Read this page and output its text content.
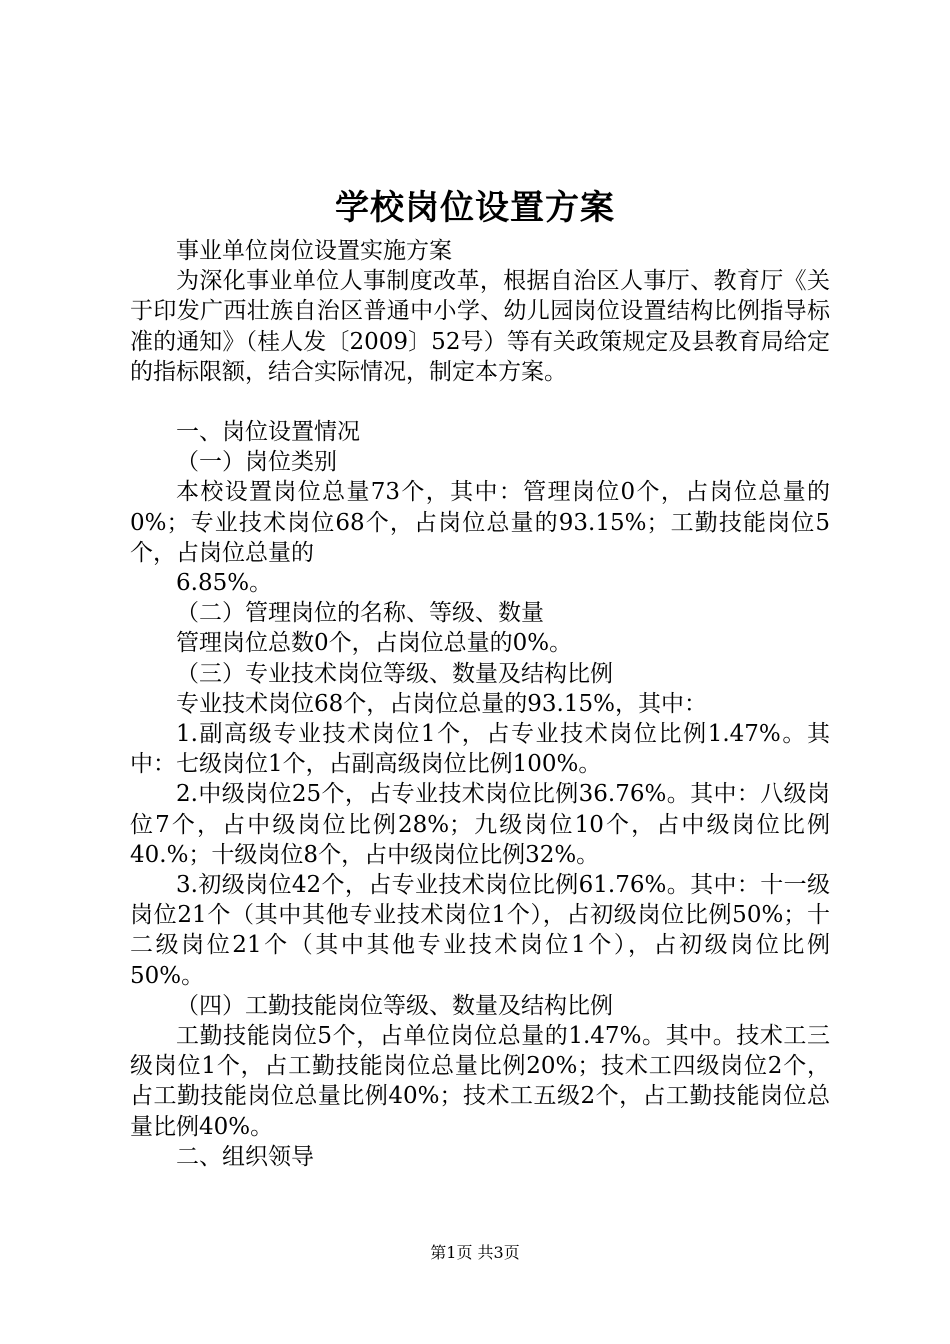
学校岗位设置方案

事业单位岗位设置实施方案

为深化事业单位人事制度改革，根据自治区人事厅、教育厅《关于印发广西壮族自治区普通中小学、幼儿园岗位设置结构比例指导标准的通知》（桂人发〔2009〕52号）等有关政策规定及县教育局给定的指标限额，结合实际情况，制定本方案。

一、岗位设置情况

（一）岗位类别

本校设置岗位总量73个，其中：管理岗位0个，占岗位总量的0%；专业技术岗位68个，占岗位总量的93.15%；工勤技能岗位5个，占岗位总量的

6.85%。

（二）管理岗位的名称、等级、数量

管理岗位总数0个，占岗位总量的0%。

（三）专业技术岗位等级、数量及结构比例

专业技术岗位68个，占岗位总量的93.15%，其中：

1.副高级专业技术岗位1个，占专业技术岗位比例1.47%。其中：七级岗位1个，占副高级岗位比例100%。

2.中级岗位25个，占专业技术岗位比例36.76%。其中：八级岗位7个，占中级岗位比例28%；九级岗位10个，占中级岗位比例40.%；十级岗位8个，占中级岗位比例32%。

3.初级岗位42个，占专业技术岗位比例61.76%。其中：十一级岗位21个（其中其他专业技术岗位1个），占初级岗位比例50%；十二级岗位21个（其中其他专业技术岗位1个），占初级岗位比例50%。

（四）工勤技能岗位等级、数量及结构比例

工勤技能岗位5个，占单位岗位总量的1.47%。其中。技术工三级岗位1个，占工勤技能岗位总量比例20%；技术工四级岗位2个，占工勤技能岗位总量比例40%；技术工五级2个，占工勤技能岗位总量比例40%。

二、组织领导

第1页 共3页
